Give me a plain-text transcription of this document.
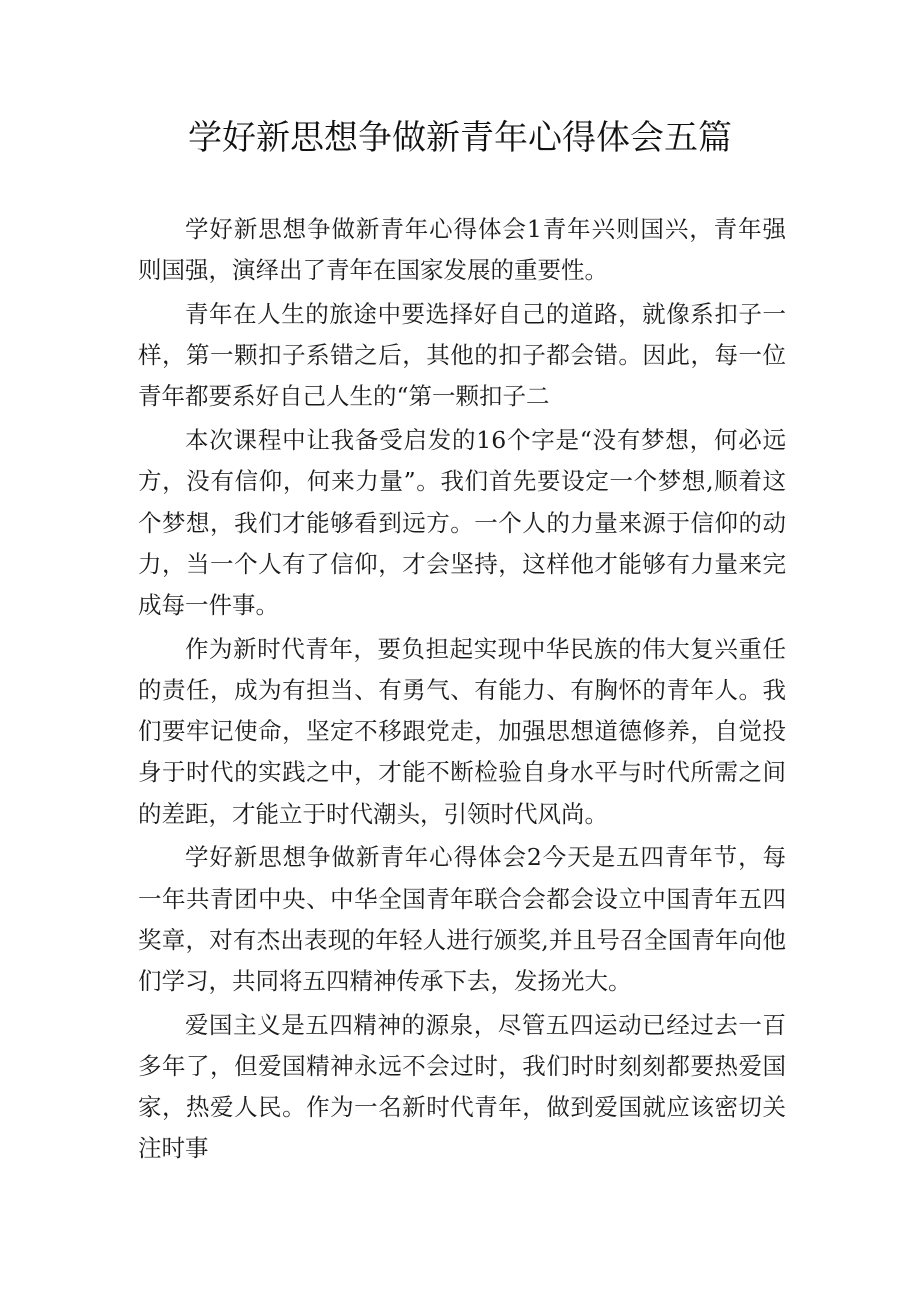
学好新思想争做新青年心得体会五篇

学好新思想争做新青年心得体会1青年兴则国兴，青年强则国强，演绎出了青年在国家发展的重要性。

青年在人生的旅途中要选择好自己的道路，就像系扣子一样，第一颗扣子系错之后，其他的扣子都会错。因此，每一位青年都要系好自己人生的“第一颗扣子二

本次课程中让我备受启发的16个字是“没有梦想，何必远方，没有信仰，何来力量”。我们首先要设定一个梦想,顺着这个梦想，我们才能够看到远方。一个人的力量来源于信仰的动力，当一个人有了信仰，才会坚持，这样他才能够有力量来完成每一件事。

作为新时代青年，要负担起实现中华民族的伟大复兴重任的责任，成为有担当、有勇气、有能力、有胸怀的青年人。我们要牢记使命，坚定不移跟党走，加强思想道德修养，自觉投身于时代的实践之中，才能不断检验自身水平与时代所需之间的差距，才能立于时代潮头，引领时代风尚。

学好新思想争做新青年心得体会2今天是五四青年节，每一年共青团中央、中华全国青年联合会都会设立中国青年五四奖章，对有杰出表现的年轻人进行颁奖,并且号召全国青年向他们学习，共同将五四精神传承下去，发扬光大。

爱国主义是五四精神的源泉，尽管五四运动已经过去一百多年了，但爱国精神永远不会过时，我们时时刻刻都要热爱国家，热爱人民。作为一名新时代青年，做到爱国就应该密切关注时事
